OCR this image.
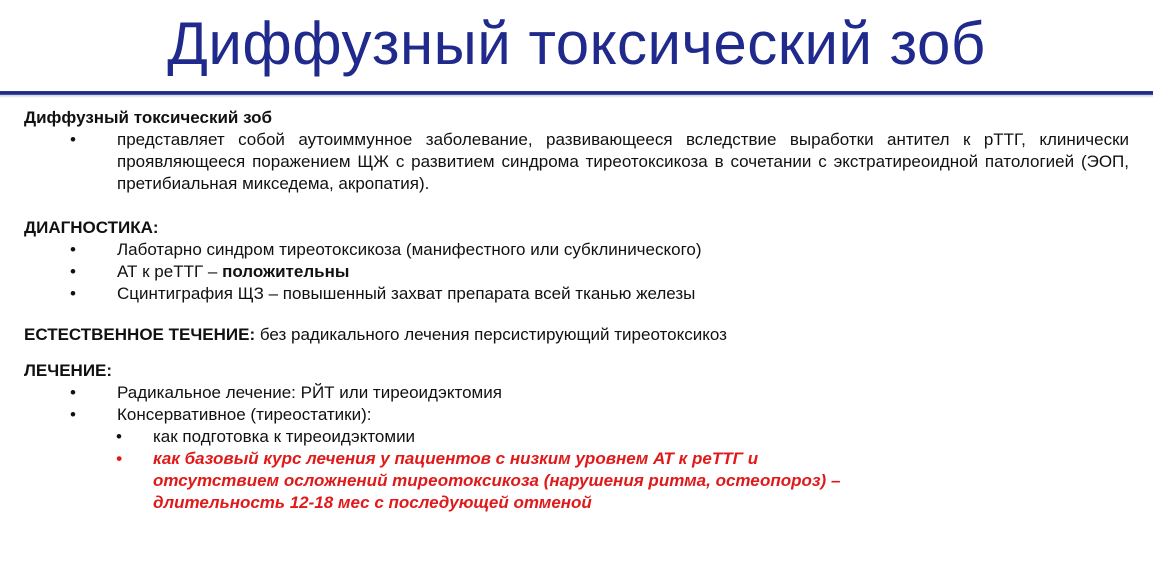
Диффузный токсический зоб
Диффузный токсический зоб
• представляет собой аутоиммунное заболевание, развивающееся вследствие выработки антител к рТТГ, клинически проявляющееся поражением ЩЖ с развитием синдрома тиреотоксикоза в сочетании с экстратиреоидной патологией (ЭОП, претибиальная микседема, акропатия).
ДИАГНОСТИКА:
• Лаботарно синдром тиреотоксикоза (манифестного или субклинического)
• АТ к реТТГ – положительны
• Сцинтиграфия ЩЗ – повышенный захват препарата всей тканью железы
ЕСТЕСТВЕННОЕ ТЕЧЕНИЕ: без радикального лечения персистирующий тиреотоксикоз
ЛЕЧЕНИЕ:
• Радикальное лечение: РЙТ или тиреоидэктомия
• Консервативное (тиреостатики):
• как подготовка к тиреоидэктомии
• как базовый курс лечения у пациентов с низким уровнем АТ к реТТГ и
отсутствием осложнений тиреотоксикоза (нарушения ритма, остеопороз) –
длительность 12-18 мес с последующей отменой
